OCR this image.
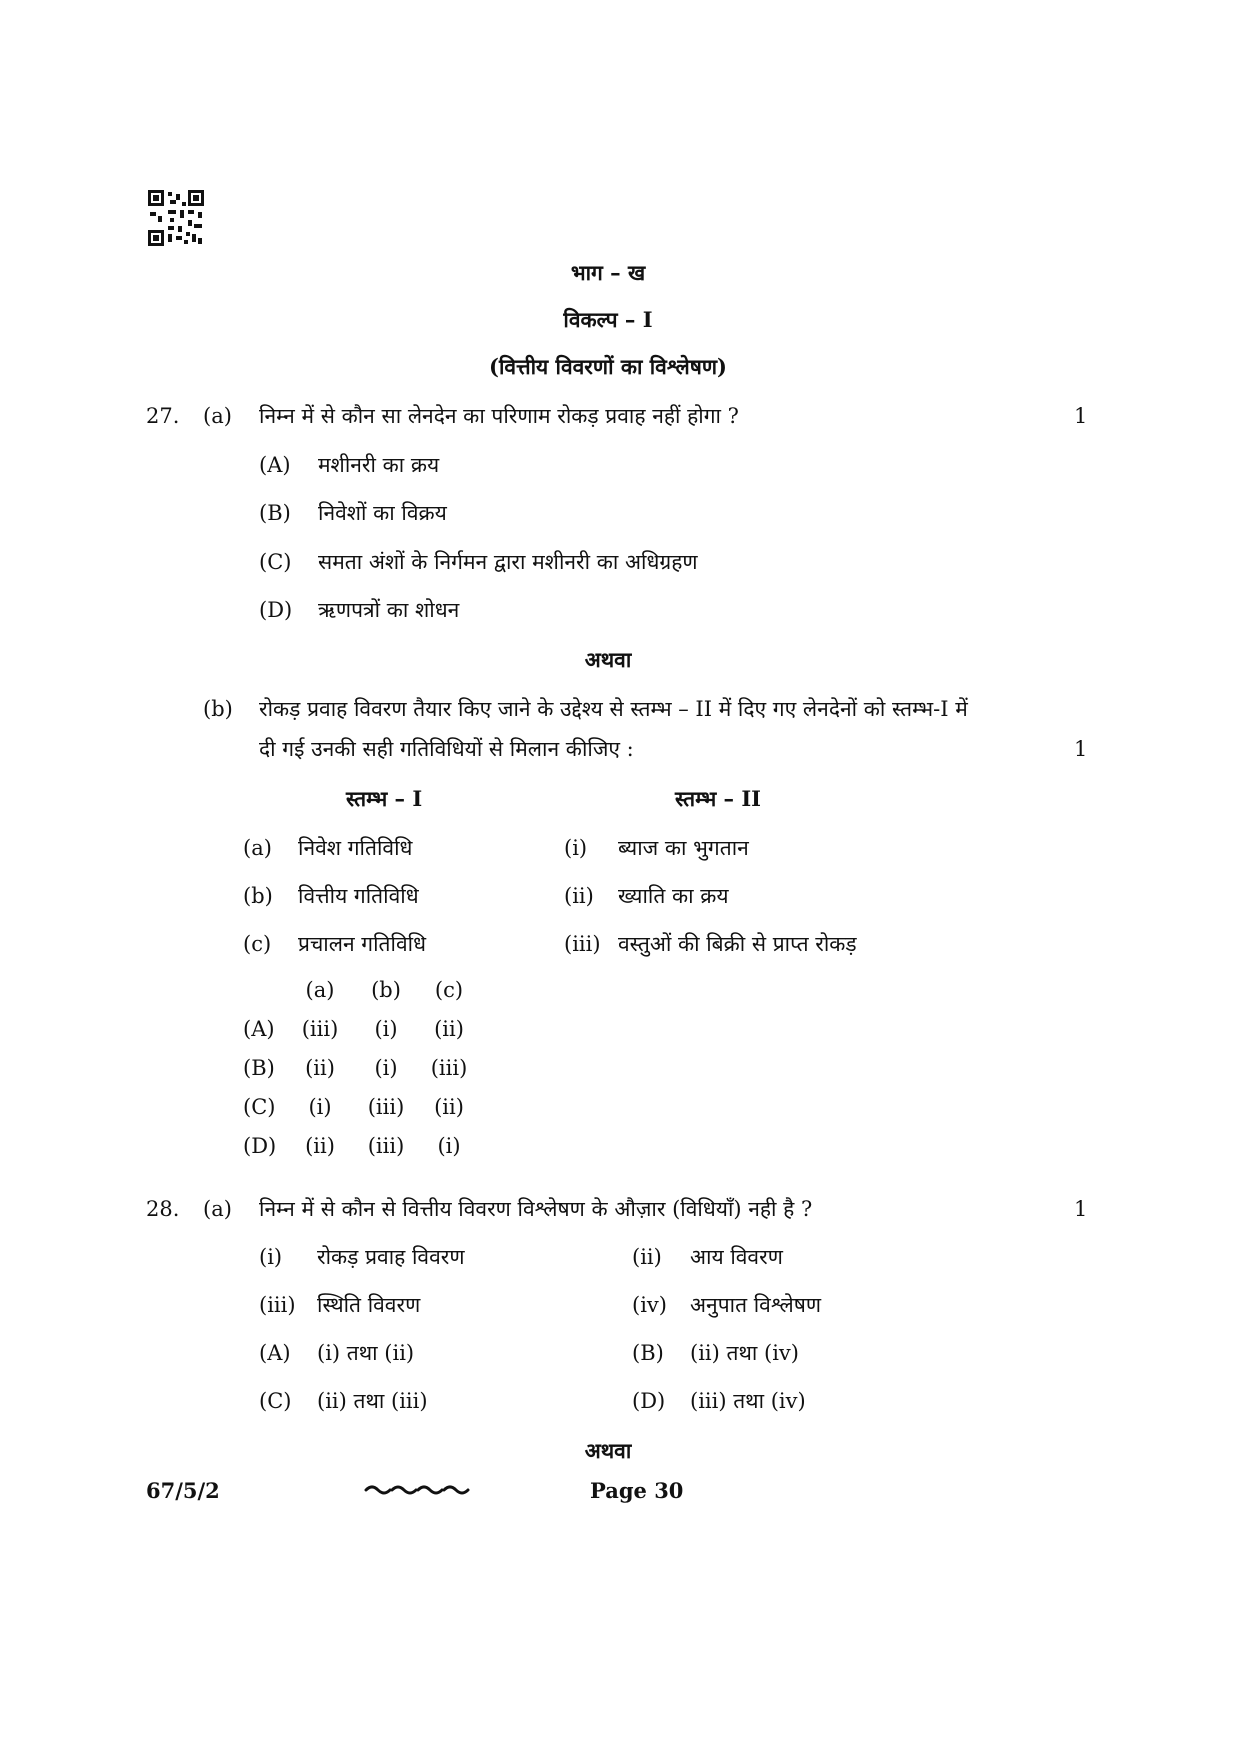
भाग – ख
विकल्प – I
(वित्तीय विवरणों का विश्लेषण)
27. (a) निम्न में से कौन सा लेनदेन का परिणाम रोकड़ प्रवाह नहीं होगा ?	1
(A) मशीनरी का क्रय
(B) निवेशों का विक्रय
(C) समता अंशों के निर्गमन द्वारा मशीनरी का अधिग्रहण
(D) ऋणपत्रों का शोधन
अथवा
(b) रोकड़ प्रवाह विवरण तैयार किए जाने के उद्देश्य से स्तम्भ – II में दिए गए लेनदेनों को स्तम्भ-I में
दी गई उनकी सही गतिविधियों से मिलान कीजिए :	1
स्तम्भ – I	स्तम्भ – II
(a) निवेश गतिविधि	(i) ब्याज का भुगतान
(b) वित्तीय गतिविधि	(ii) ख्याति का क्रय
(c) प्रचालन गतिविधि	(iii) वस्तुओं की बिक्री से प्राप्त रोकड़
(a) (b) (c)
(A) (iii) (i) (ii)
(B) (ii) (i) (iii)
(C) (i) (iii) (ii)
(D) (ii) (iii) (i)
28. (a) निम्न में से कौन से वित्तीय विवरण विश्लेषण के औज़ार (विधियाँ) नही है ?	1
(i) रोकड़ प्रवाह विवरण	(ii) आय विवरण
(iii) स्थिति विवरण	(iv) अनुपात विश्लेषण
(A) (i) तथा (ii)	(B) (ii) तथा (iv)
(C) (ii) तथा (iii)	(D) (iii) तथा (iv)
अथवा
67/5/2	Page 30
